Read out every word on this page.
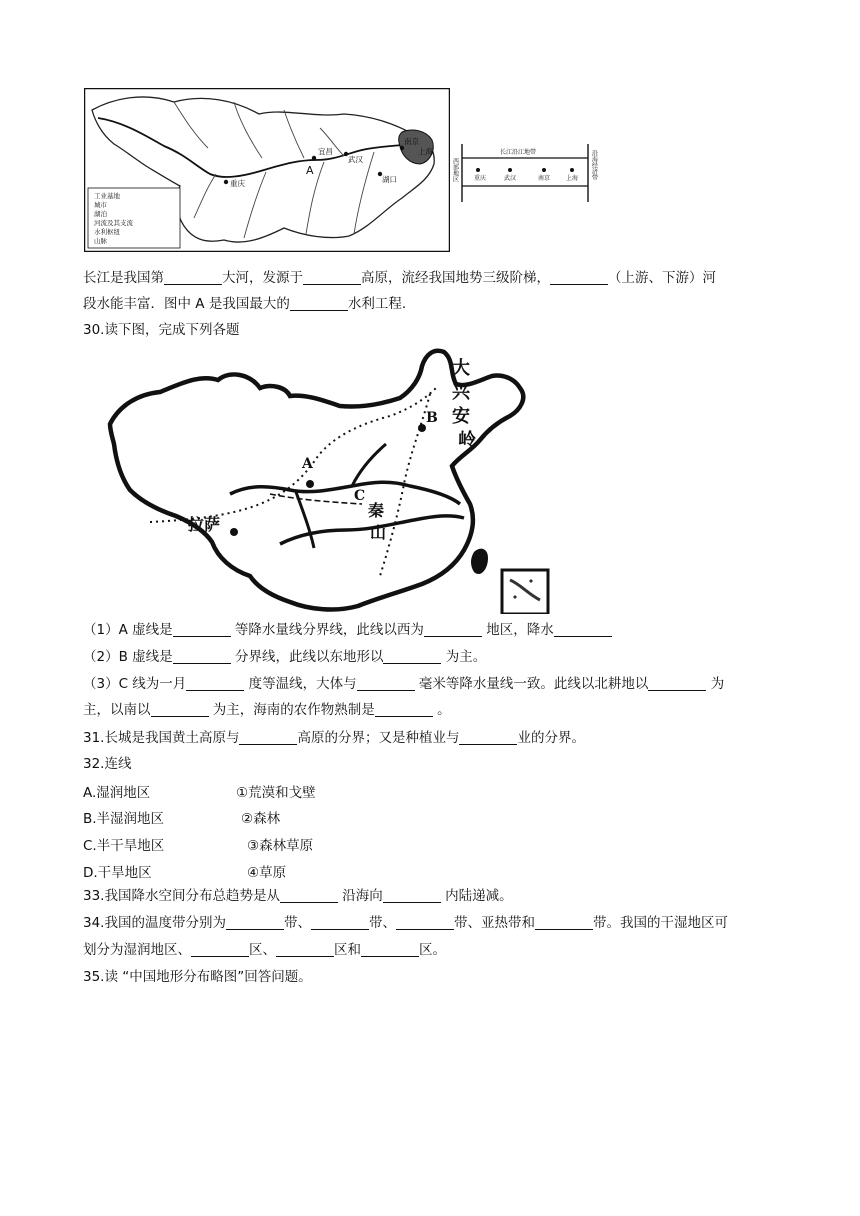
工业基地
城市
湖泊
河流及其支流
水利枢纽
山脉
重庆
宜昌
武汉
湖口
南京
上海
A	西部地区	沿海经济带
长江沿江地带
重庆	武汉	南京	上海
长江是我国第	大河，发源于	高原，流经我国地势三级阶梯，	（上游、下游）河
段水能丰富．图中 A 是我国最大的	水利工程.
30.读下图，完成下列各题
大
兴
安
岭
B
A
C
拉萨
秦
山
（1）A 虚线是	等降水量线分界线，此线以西为	地区，降水
（2）B 虚线是	分界线，此线以东地形以	为主。
（3）C 线为一月	度等温线，大体与	毫米等降水量线一致。此线以北耕地以	为
主，以南以	为主，海南的农作物熟制是	。
31.长城是我国黄土高原与	高原的分界；又是种植业与	业的分界。
32.连线
A.湿润地区	①荒漠和戈壁
B.半湿润地区	②森林
C.半干旱地区	③森林草原
D.干旱地区	④草原
33.我国降水空间分布总趋势是从	沿海向	内陆递减。
34.我国的温度带分别为	带、	带、	带、亚热带和	带。我国的干湿地区可
划分为湿润地区、	区、	区和	区。
35.读 “中国地形分布略图”回答问题。
